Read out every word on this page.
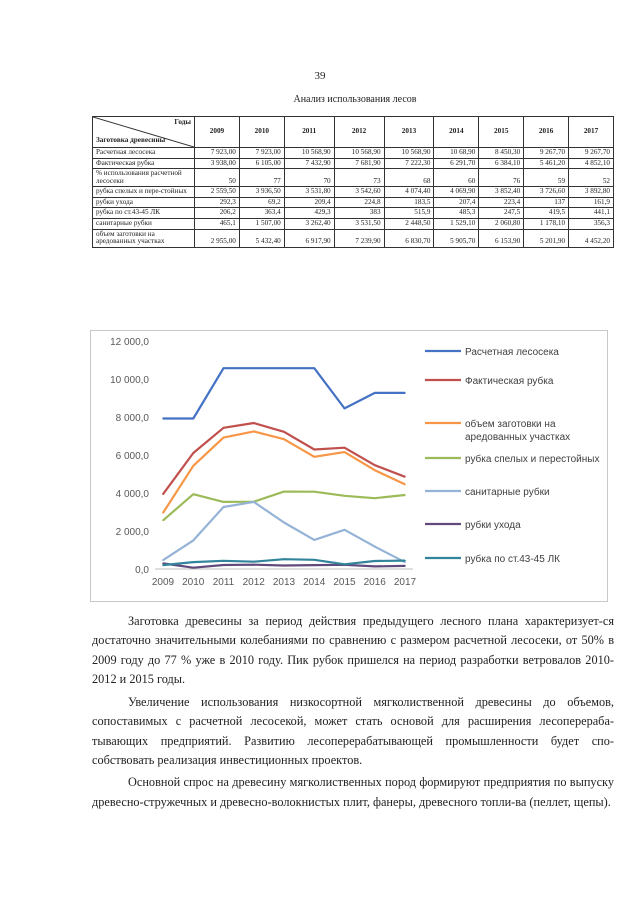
39
Анализ использования лесов
Годы
Заготовка древесины	2009	2010	2011	2012	2013	2014	2015	2016	2017
Расчетная лесосека	7 923,00	7 923,00	10 568,90	10 568,90	10 568,90	10 68,90	8 450,30	9 267,70	9 267,70
Фактическая рубка	3 938,00	6 105,00	7 432,90	7 681,90	7 222,30	6 291,70	6 384,10	5 461,20	4 852,10
% использования расчетной лесосеки	50	77	70	73	68	60	76	59	52
рубка спелых и пере-стойных	2 559,50	3 936,50	3 531,80	3 542,60	4 074,40	4 069,90	3 852,40	3 726,60	3 892,80
рубки ухода	292,3	69,2	209,4	224,8	183,5	207,4	223,4	137	161,9
рубка по ст.43-45 ЛК	206,2	363,4	429,3	383	515,9	485,3	247,5	419,5	441,1
санитарные рубки	465,1	1 507,00	3 262,40	3 531,50	2 448,50	1 529,10	2 060,80	1 178,10	356,3
объем заготовки на аредованных участках	2 955,00	5 432,40	6 917,90	7 239,90	6 830,70	5 905,70	6 153,90	5 201,90	4 452,20
0,0
2 000,0
4 000,0
6 000,0
8 000,0
10 000,0
12 000,0
2009 2010 2011 2012 2013 2014 2015 2016 2017
Расчетная лесосека
Фактическая рубка
объем заготовки на аредованных участках
рубка спелых и перестойных
санитарные рубки
рубки ухода
рубка по ст.43-45 ЛК

Заготовка древесины за период действия предыдущего лесного плана характеризует-ся достаточно значительными колебаниями по сравнению с размером расчетной лесосеки, от 50% в 2009 году до 77 % уже в 2010 году. Пик рубок пришелся на период разработки ветровалов 2010-2012 и 2015 годы.

Увеличение использования низкосортной мягколиственной древесины до объемов, сопоставимых с расчетной лесосекой, может стать основой для расширения лесоперераба-тывающих предприятий. Развитию лесоперерабатывающей промышленности будет спо-собствовать реализация инвестиционных проектов.

Основной спрос на древесину мягколиственных пород формируют предприятия по выпуску древесно-стружечных и древесно-волокнистых плит, фанеры, древесного топли-ва (пеллет, щепы).
